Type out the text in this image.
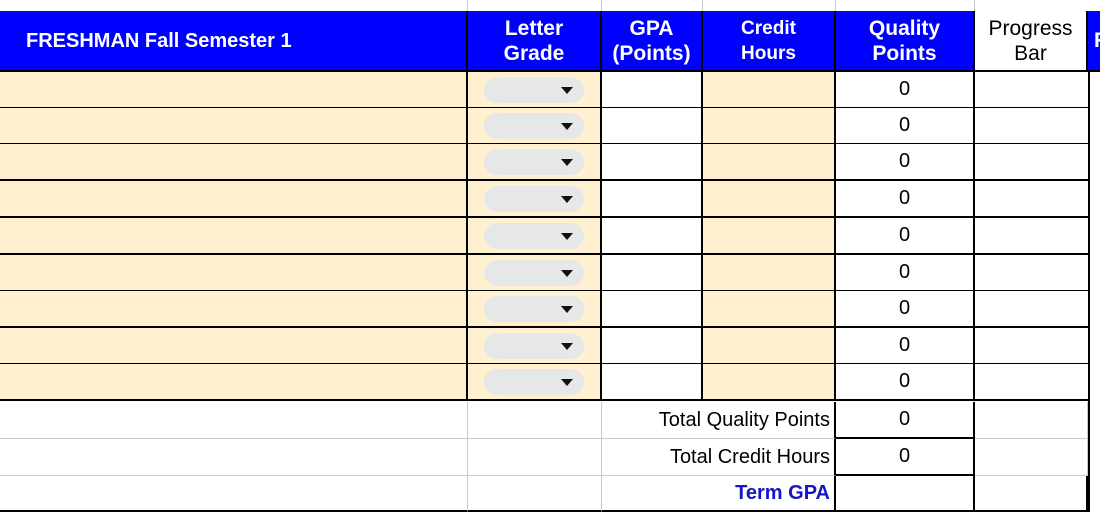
FRESHMAN Fall Semester 1
Letter
Grade
GPA
(Points)
Credit
Hours
Quality
Points
Progress
Bar
F
0
0
0
0
0
0
0
0
0
Total Quality Points	0
Total Credit Hours	0
Term GPA
